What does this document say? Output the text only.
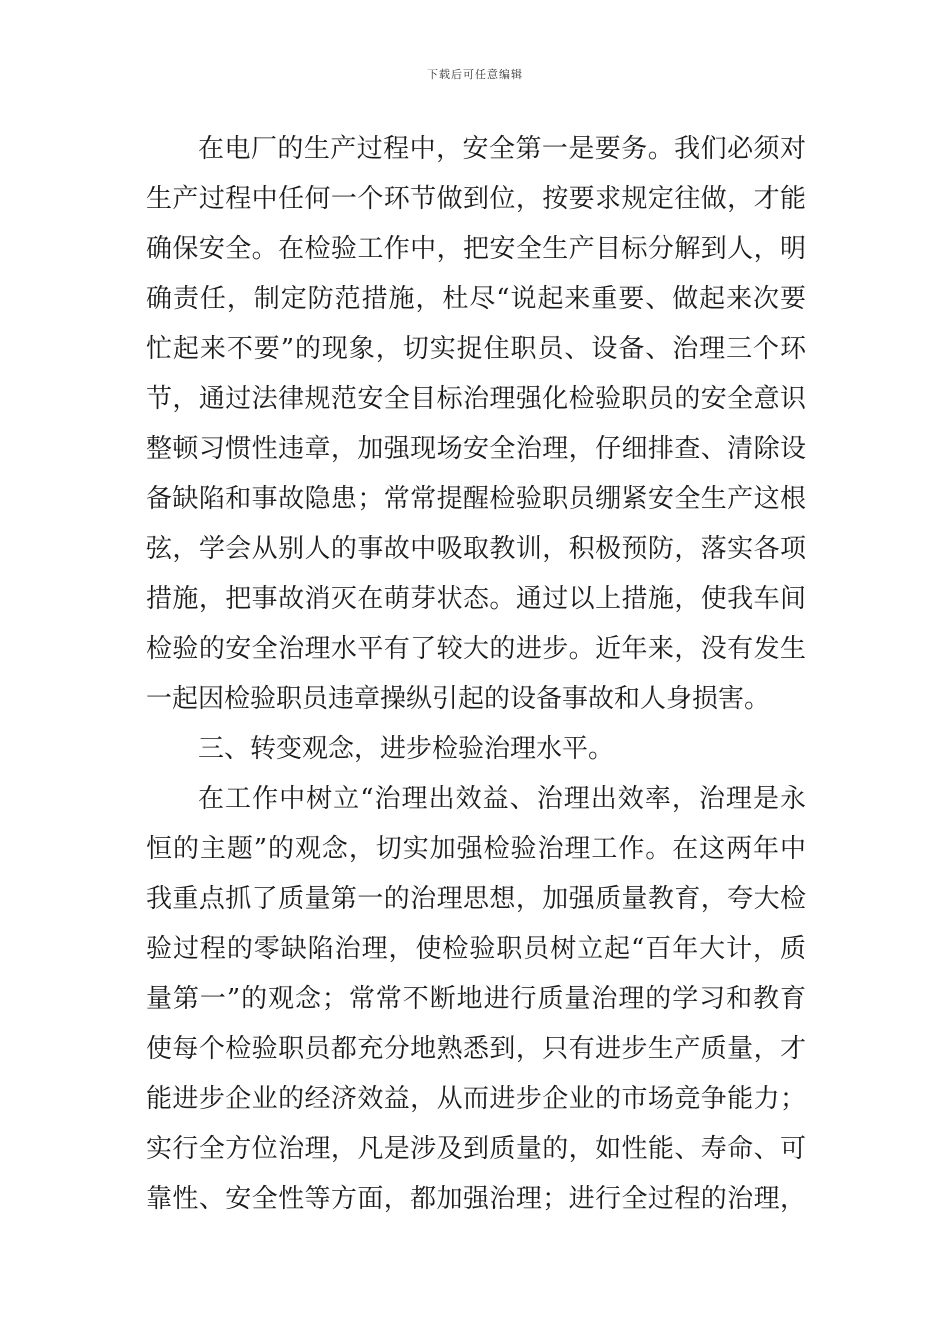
下载后可任意编辑
在电厂的生产过程中，安全第一是要务。我们必须对
生产过程中任何一个环节做到位，按要求规定往做，才能
确保安全。在检验工作中，把安全生产目标分解到人，明
确责任，制定防范措施，杜尽“说起来重要、做起来次要
忙起来不要”的现象，切实捉住职员、设备、治理三个环
节，通过法律规范安全目标治理强化检验职员的安全意识
整顿习惯性违章，加强现场安全治理，仔细排查、清除设
备缺陷和事故隐患；常常提醒检验职员绷紧安全生产这根
弦，学会从别人的事故中吸取教训，积极预防，落实各项
措施，把事故消灭在萌芽状态。通过以上措施，使我车间
检验的安全治理水平有了较大的进步。近年来，没有发生
一起因检验职员违章操纵引起的设备事故和人身损害。
三、转变观念，进步检验治理水平。
在工作中树立“治理出效益、治理出效率，治理是永
恒的主题”的观念，切实加强检验治理工作。在这两年中
我重点抓了质量第一的治理思想，加强质量教育，夸大检
验过程的零缺陷治理，使检验职员树立起“百年大计，质
量第一”的观念；常常不断地进行质量治理的学习和教育
使每个检验职员都充分地熟悉到，只有进步生产质量，才
能进步企业的经济效益，从而进步企业的市场竞争能力；
实行全方位治理，凡是涉及到质量的，如性能、寿命、可
靠性、安全性等方面，都加强治理；进行全过程的治理，
